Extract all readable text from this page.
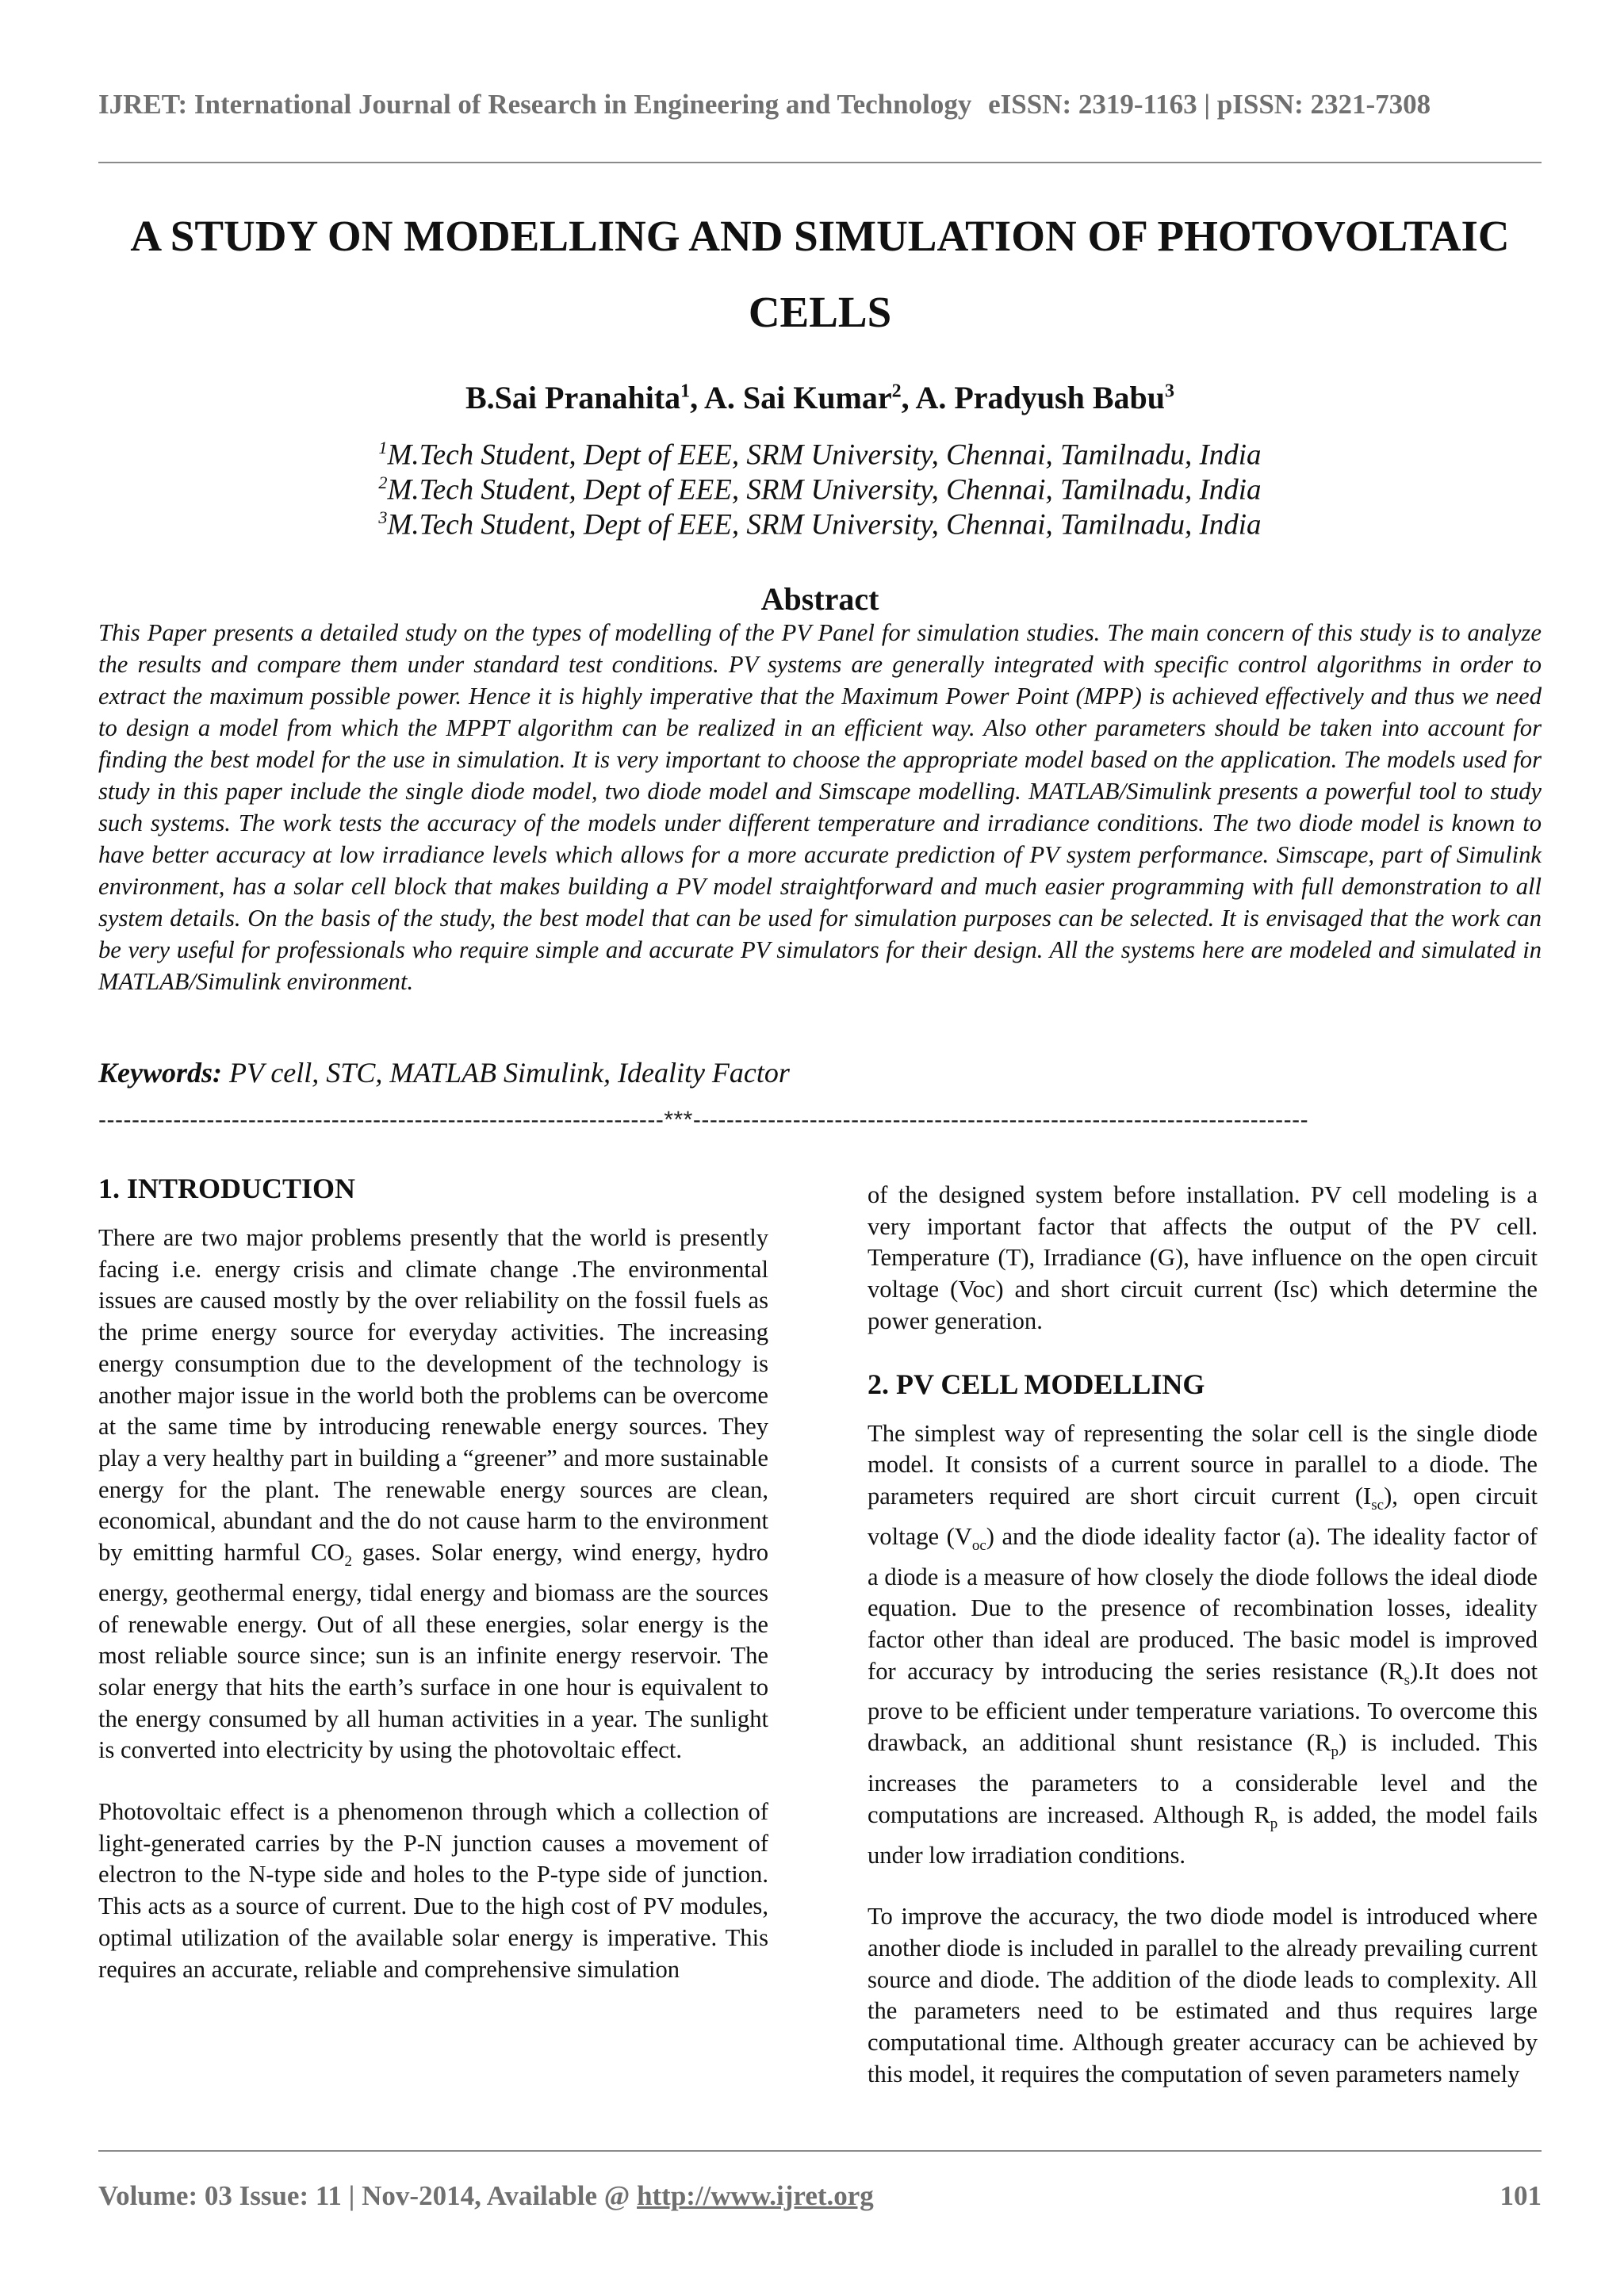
IJRET: International Journal of Research in Engineering and Technology eISSN: 2319-1163 | pISSN: 2321-7308
A STUDY ON MODELLING AND SIMULATION OF PHOTOVOLTAIC
CELLS
B.Sai Pranahita$^1$, A. Sai Kumar$^2$, A. Pradyush Babu$^3$
$^1$M.Tech Student, Dept of EEE, SRM University, Chennai, Tamilnadu, India
$^2$M.Tech Student, Dept of EEE, SRM University, Chennai, Tamilnadu, India
$^3$M.Tech Student, Dept of EEE, SRM University, Chennai, Tamilnadu, India
Abstract

This Paper presents a detailed study on the types of modelling of the PV Panel for simulation studies. The main concern of this study is to analyze the results and compare them under standard test conditions. PV systems are generally integrated with specific control algorithms in order to extract the maximum possible power. Hence it is highly imperative that the Maximum Power Point (MPP) is achieved effectively and thus we need to design a model from which the MPPT algorithm can be realized in an efficient way. Also other parameters should be taken into account for finding the best model for the use in simulation. It is very important to choose the appropriate model based on the application. The models used for study in this paper include the single diode model, two diode model and Simscape modelling. MATLAB/Simulink presents a powerful tool to study such systems. The work tests the accuracy of the models under different temperature and irradiance conditions. The two diode model is known to have better accuracy at low irradiance levels which allows for a more accurate prediction of PV system performance. Simscape, part of Simulink environment, has a solar cell block that makes building a PV model straightforward and much easier programming with full demonstration to all system details. On the basis of the study, the best model that can be used for simulation purposes can be selected. It is envisaged that the work can be very useful for professionals who require simple and accurate PV simulators for their design. All the systems here are modeled and simulated in MATLAB/Simulink environment.

Keywords: PV cell, STC, MATLAB Simulink, Ideality Factor
--------------------------------------------------------------------***--------------------------------------------------------------------------
1. INTRODUCTION

There are two major problems presently that the world is presently facing i.e. energy crisis and climate change .The environmental issues are caused mostly by the over reliability on the fossil fuels as the prime energy source for everyday activities. The increasing energy consumption due to the development of the technology is another major issue in the world both the problems can be overcome at the same time by introducing renewable energy sources. They play a very healthy part in building a “greener” and more sustainable energy for the plant. The renewable energy sources are clean, economical, abundant and the do not cause harm to the environment by emitting harmful $CO_2$ gases. Solar energy, wind energy, hydro energy, geothermal energy, tidal energy and biomass are the sources of renewable energy. Out of all these energies, solar energy is the most reliable source since; sun is an infinite energy reservoir. The solar energy that hits the earth’s surface in one hour is equivalent to the energy consumed by all human activities in a year. The sunlight is converted into electricity by using the photovoltaic effect.

Photovoltaic effect is a phenomenon through which a collection of light-generated carries by the P-N junction causes a movement of electron to the N-type side and holes to the P-type side of junction. This acts as a source of current. Due to the high cost of PV modules, optimal utilization of the available solar energy is imperative. This requires an accurate, reliable and comprehensive simulation

of the designed system before installation. PV cell modeling is a very important factor that affects the output of the PV cell. Temperature (T), Irradiance (G), have influence on the open circuit voltage (Voc) and short circuit current (Isc) which determine the power generation.

2. PV CELL MODELLING

The simplest way of representing the solar cell is the single diode model. It consists of a current source in parallel to a diode. The parameters required are short circuit current $(I_{sc})$, open circuit voltage $(V_{oc})$ and the diode ideality factor (a). The ideality factor of a diode is a measure of how closely the diode follows the ideal diode equation. Due to the presence of recombination losses, ideality factor other than ideal are produced. The basic model is improved for accuracy by introducing the series resistance $(R_s).It$ does not prove to be efficient under temperature variations. To overcome this drawback, an additional shunt resistance $(R_p)$ is included. This increases the parameters to a considerable level and the computations are increased. Although $R_p$ is added, the model fails under low irradiation conditions.

To improve the accuracy, the two diode model is introduced where another diode is included in parallel to the already prevailing current source and diode. The addition of the diode leads to complexity. All the parameters need to be estimated and thus requires large computational time. Although greater accuracy can be achieved by this model, it requires the computation of seven parameters namely

Volume: 03 Issue: 11 | Nov-2014, Available @ http://www.ijret.org	101
